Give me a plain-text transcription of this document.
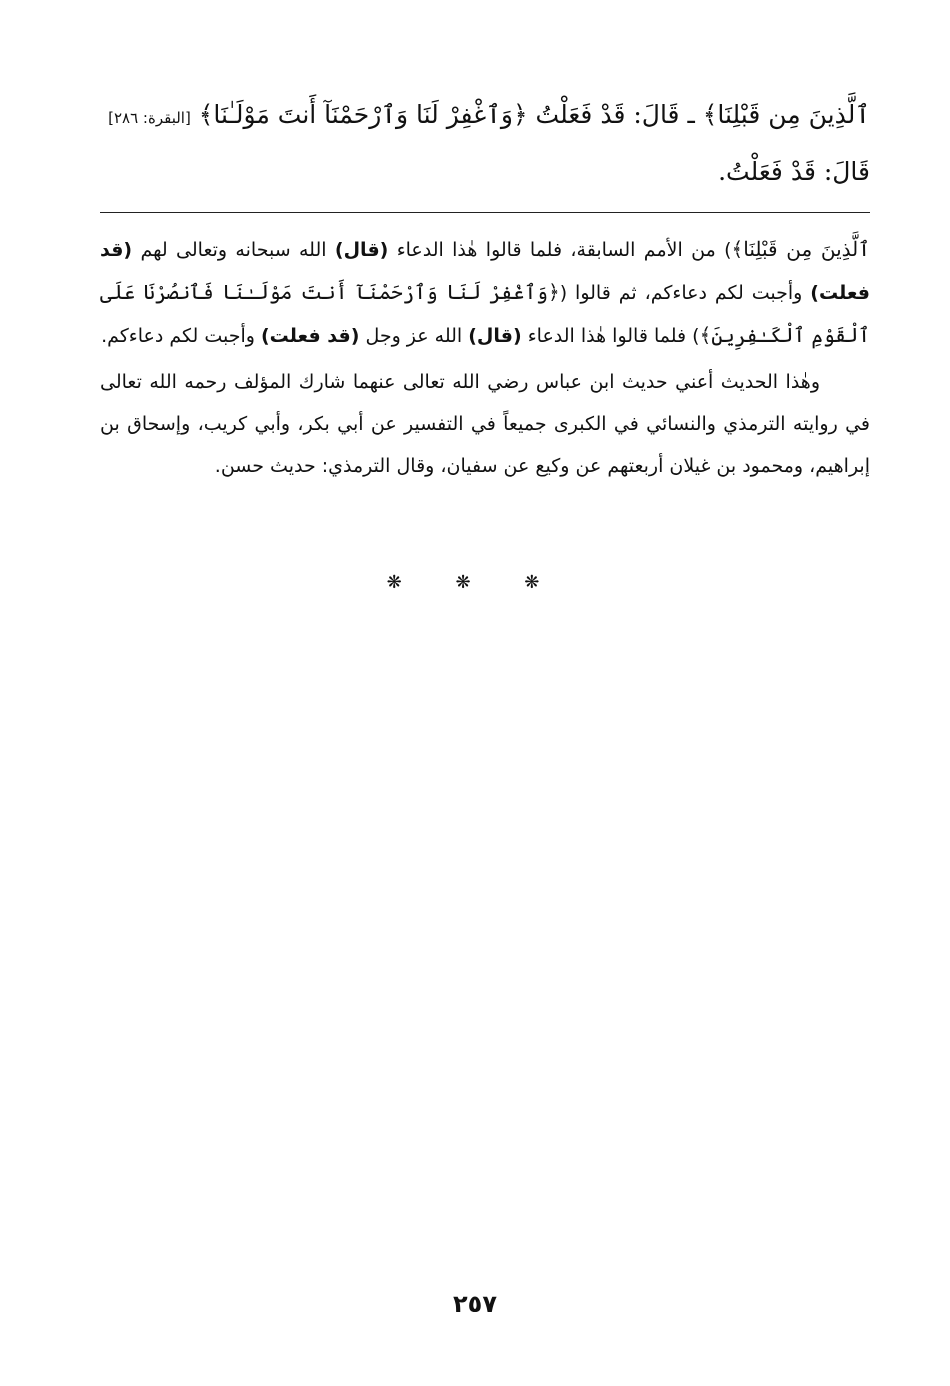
ٱلَّذِينَ مِن قَبْلِنَا﴾ ـ قَالَ: قَدْ فَعَلْتُ ﴿وَٱغْفِرْ لَنَا وَٱرْحَمْنَآ أَنتَ مَوْلَـٰنَا﴾ [البقرة: ٢٨٦]

قَالَ: قَدْ فَعَلْتُ.

ٱلَّذِينَ مِن قَبْلِنَا﴾) من الأمم السابقة، فلما قالوا هٰذا الدعاء (قال) الله سبحانه وتعالى لهم (قد فعلت) وأجبت لكم دعاءكم، ثم قالوا (﴿وَٱغْفِرْ لَنَا وَٱرْحَمْنَآ أَنتَ مَوْلَـٰنَا فَٱنصُرْنَا عَلَى ٱلْقَوْمِ ٱلْكَـٰفِرِينَ﴾) فلما قالوا هٰذا الدعاء (قال) الله عز وجل (قد فعلت) وأجبت لكم دعاءكم.

وهٰذا الحديث أعني حديث ابن عباس رضي الله تعالى عنهما شارك المؤلف رحمه الله تعالى في روايته الترمذي والنسائي في الكبرى جميعاً في التفسير عن أبي بكر، وأبي كريب، وإسحاق بن إبراهيم، ومحمود بن غيلان أربعتهم عن وكيع عن سفيان، وقال الترمذي: حديث حسن.

❋ ❋ ❋
٢٥٧
